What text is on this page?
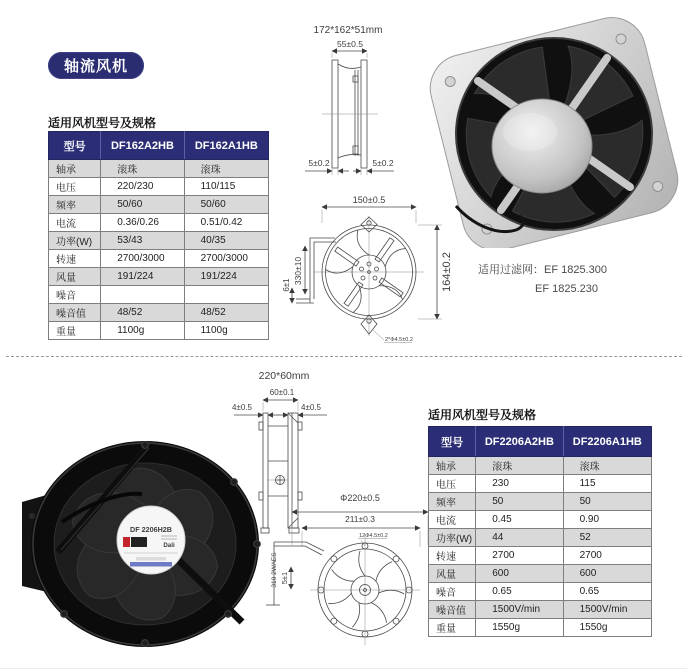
轴流风机
适用风机型号及规格
型号	DF162A2HB	DF162A1HB
轴承	滚珠	滚珠
电压	220/230	110/115
频率	50/60	50/60
电流	0.36/0.26	0.51/0.42
功率(W)	53/43	40/35
转速	2700/3000	2700/3000
风量	191/224	191/224
噪音		
噪音值	48/52	48/52
重量	1100g	1100g
172*162*51mm
55±0.5
5±0.2	5±0.2
150±0.5
164±0.2
330±10
6±1
2*Φ4.5±0.2
适用过滤网：EF 1825.300
EF 1825.230
220*60mm
60±0.1
4±0.5	4±0.5
DF 2206H2B
Dali
Φ220±0.5
211±0.3
12Φ4.5±0.2
5±1
310 2WAES
适用风机型号及规格
型号	DF2206A2HB	DF2206A1HB
轴承	滚珠	滚珠
电压	230	115
频率	50	50
电流	0.45	0.90
功率(W)	44	52
转速	2700	2700
风量	600	600
噪音	0.65	0.65
噪音值	1500V/min	1500V/min
重量	1550g	1550g
